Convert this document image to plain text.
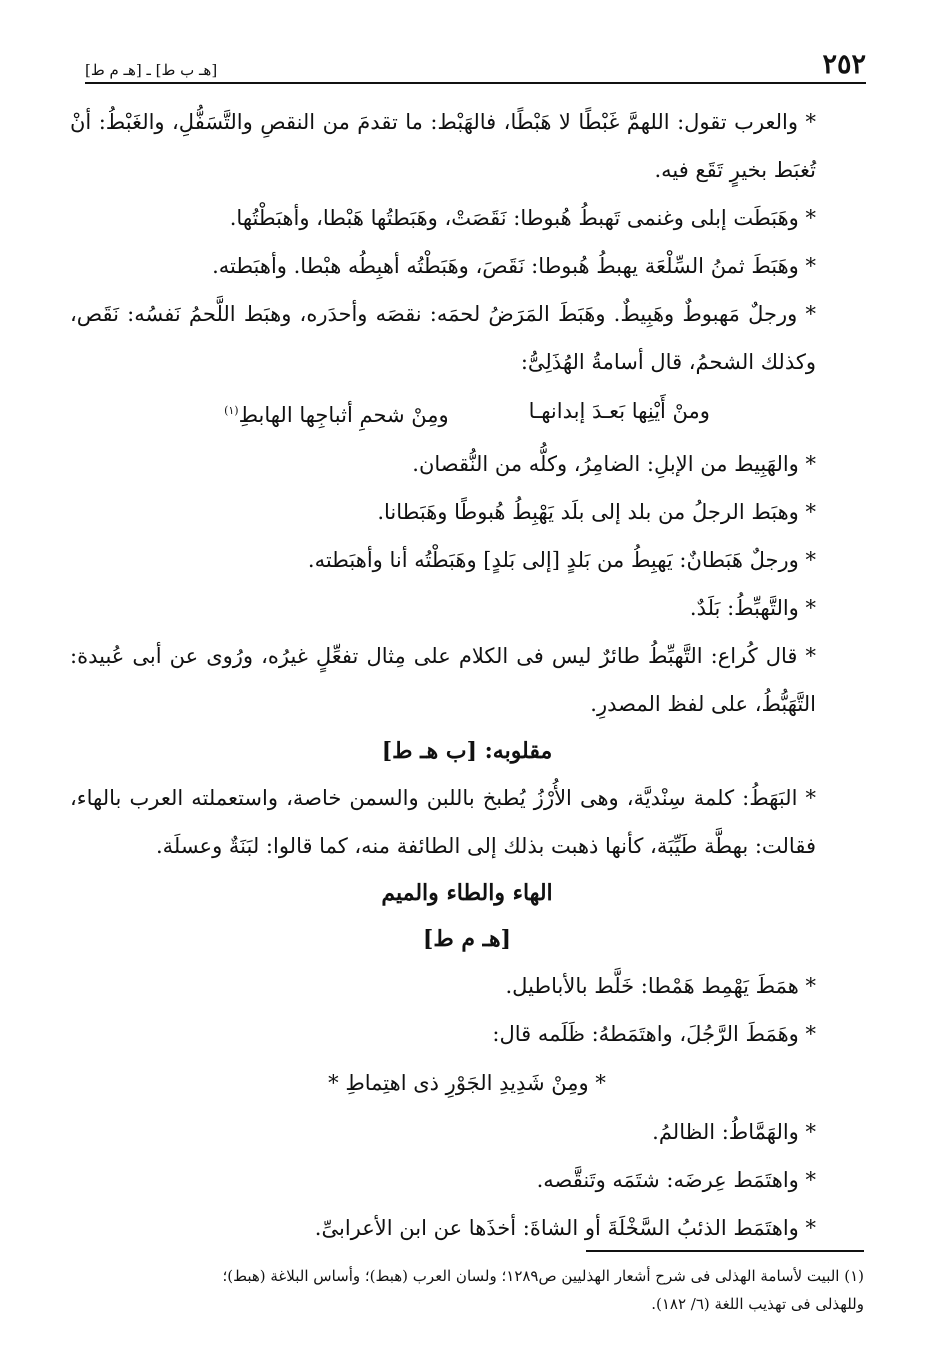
٢٥٢
[هـ ب ط] ـ [هـ م ط]

* والعرب تقول: اللهمَّ غَبْطًا لا هَبْطًا، فالهَبْط: ما تقدمَ من النقصِ والتَّسَفُّلِ، والغَبْطُ: أنْ تُغبَط بخيرٍ تَقَع فيه.

* وهَبَطَت إبلى وغنمى تَهبطُ هُبوطا: نَقَصَتْ، وهَبَطتُها هَبْطا، وأهبَطْتُها.

* وهَبَطَ ثمنُ السِّلْعَة يهبطُ هُبوطا: نَقَصَ، وهَبَطْتُه أهبِطُه هبْطا. وأهبَطته.

* ورجلٌ مَهبوطٌ وهَبِيطٌ. وهَبَطَ المَرَضُ لحمَه: نقصَه وأحدَره، وهبَط اللَّحمُ نَفسُه: نَقَص، وكذلك الشحمُ، قال أسامةُ الهُذَلِىُّ:

ومنْ أَيْنِها بَعـدَ إبدانهـا
ومِنْ شحمِ أثباجِها الهابطِ$^{(١)}$

* والهَبِيط من الإبلِ: الضامِرُ، وكلُّه من النُّقصان.

* وهبَط الرجلُ من بلد إلى بلَد يَهْبِطُ هُبوطًا وهَبَطانا.

* ورجلٌ هَبَطانٌ: يَهبِطُ من بَلدٍ [إلى بَلدٍ] وهَبَطْتُه أنا وأهبَطته.

* والتَّهبِّطُ: بَلَدٌ.

* قال كُراع: التَّهبِّطُ طائرٌ ليس فى الكلام على مِثال تفعِّلٍ غيرُه، ورُوى عن أبى عُبيدة: التَّهَبُّطُ، على لفظ المصدرِ.

مقلوبه: [ب هـ ط]

* البَهَطُ: كلمة سِنْديَّة، وهى الأُرْزُ يُطبخ باللبن والسمن خاصة، واستعملته العرب بالهاء، فقالت: بهطَّة طَيِّبَة، كأنها ذهبت بذلك إلى الطائفة منه، كما قالوا: لبَنَةٌ وعسلَة.

الهاء والطاء والميم
[هـ م ط]

* همَطَ يَهْمِط هَمْطا: خَلَّط بالأباطيل.

* وهَمَطَ الرَّجُلَ، واهتَمَطهُ: ظَلَمه قال:

* ومِنْ شَدِيدِ الجَوْرِ ذى اهتِماطِ *

* والهَمَّاطُ: الظالمُ.

* واهتَمَط عِرضَه: شتَمَه وتَنقَّصه.

* واهتَمَط الذئبُ السَّخْلَةَ أو الشاةَ: أخذَها عن ابن الأعرابىِّ.

(١) البيت لأسامة الهذلى فى شرح أشعار الهذليين ص١٢٨٩؛ ولسان العرب (هبط)؛ وأساس البلاغة (هبط)؛
وللهذلى فى تهذيب اللغة (٦/ ١٨٢).
